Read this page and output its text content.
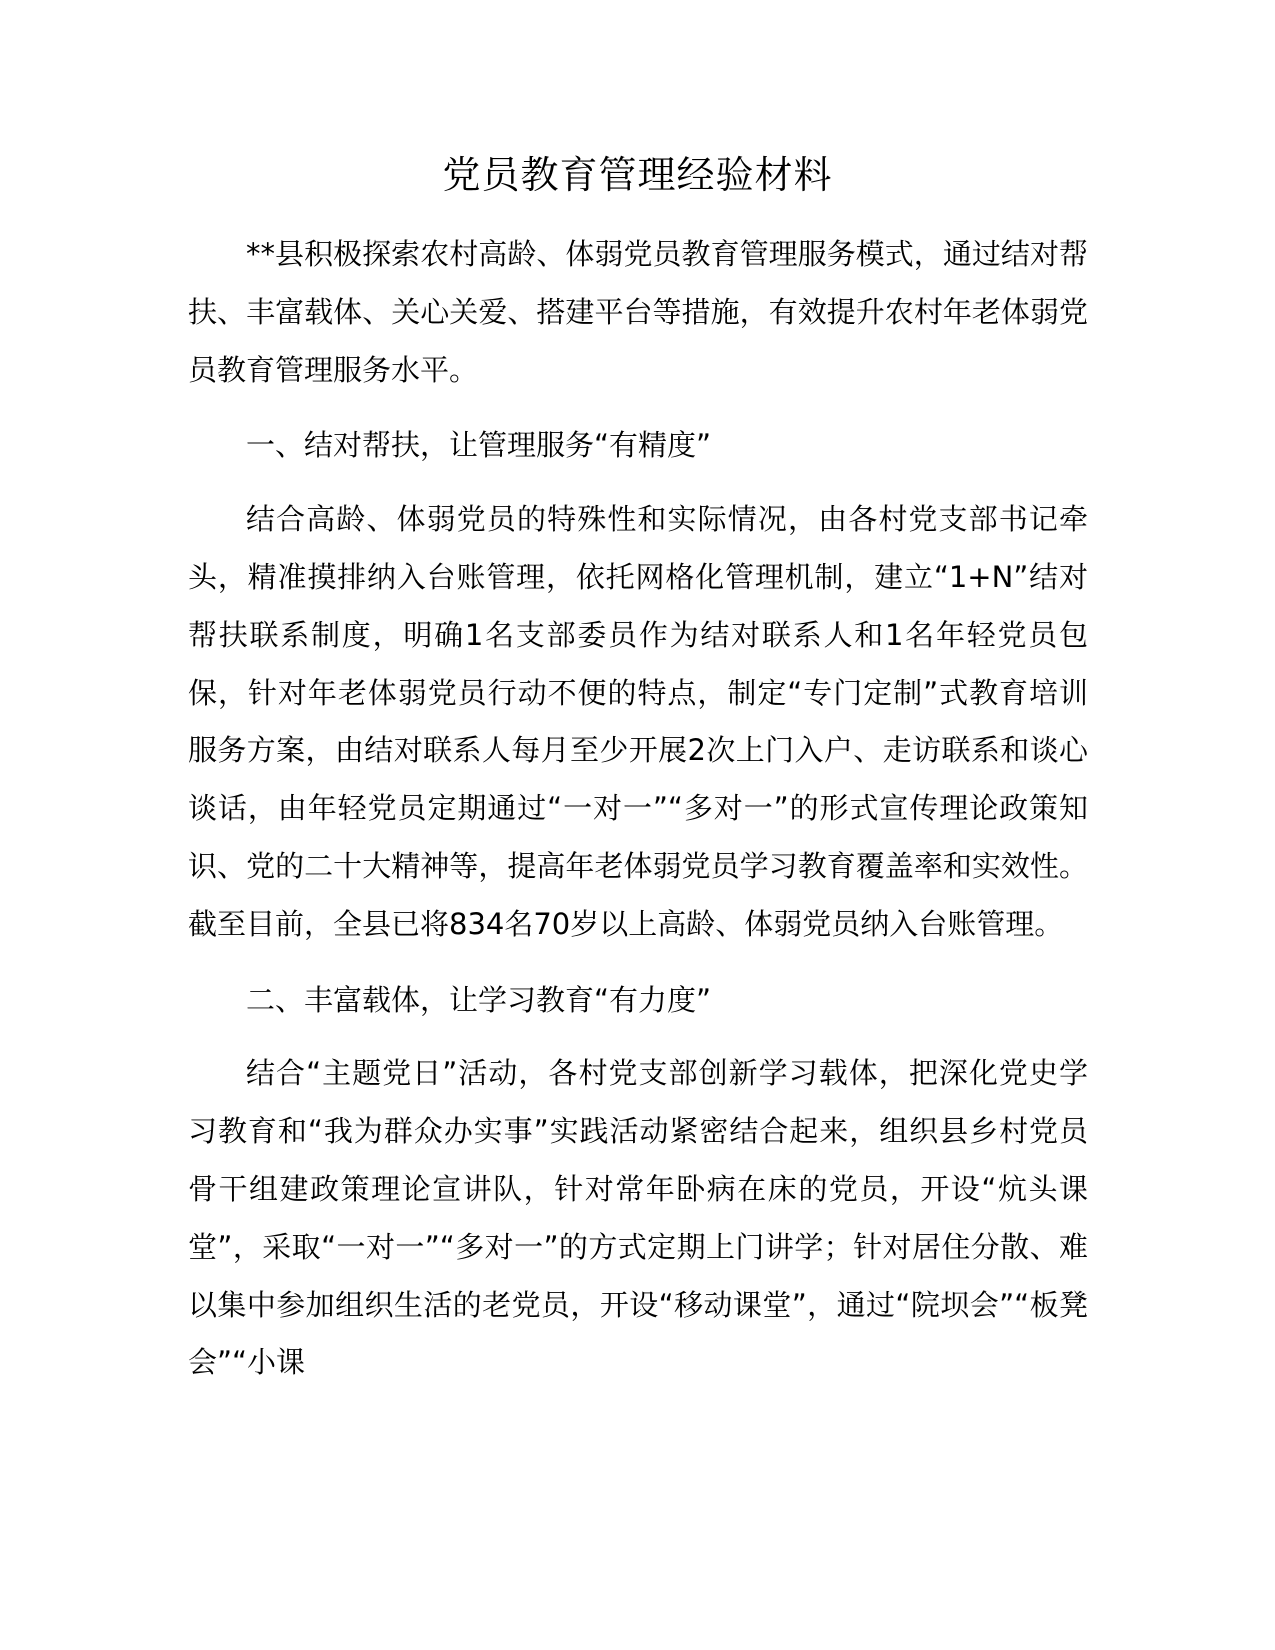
党员教育管理经验材料

**县积极探索农村高龄、体弱党员教育管理服务模式，通过结对帮扶、丰富载体、关心关爱、搭建平台等措施，有效提升农村年老体弱党员教育管理服务水平。

一、结对帮扶，让管理服务“有精度”

结合高龄、体弱党员的特殊性和实际情况，由各村党支部书记牵头，精准摸排纳入台账管理，依托网格化管理机制，建立“1+N”结对帮扶联系制度，明确1名支部委员作为结对联系人和1名年轻党员包保，针对年老体弱党员行动不便的特点，制定“专门定制”式教育培训服务方案，由结对联系人每月至少开展2次上门入户、走访联系和谈心谈话，由年轻党员定期通过“一对一”“多对一”的形式宣传理论政策知识、党的二十大精神等，提高年老体弱党员学习教育覆盖率和实效性。截至目前，全县已将834名70岁以上高龄、体弱党员纳入台账管理。

二、丰富载体，让学习教育“有力度”

结合“主题党日”活动，各村党支部创新学习载体，把深化党史学习教育和“我为群众办实事”实践活动紧密结合起来，组织县乡村党员骨干组建政策理论宣讲队，针对常年卧病在床的党员，开设“炕头课堂”，采取“一对一”“多对一”的方式定期上门讲学；针对居住分散、难以集中参加组织生活的老党员，开设“移动课堂”，通过“院坝会”“板凳会”“小课
